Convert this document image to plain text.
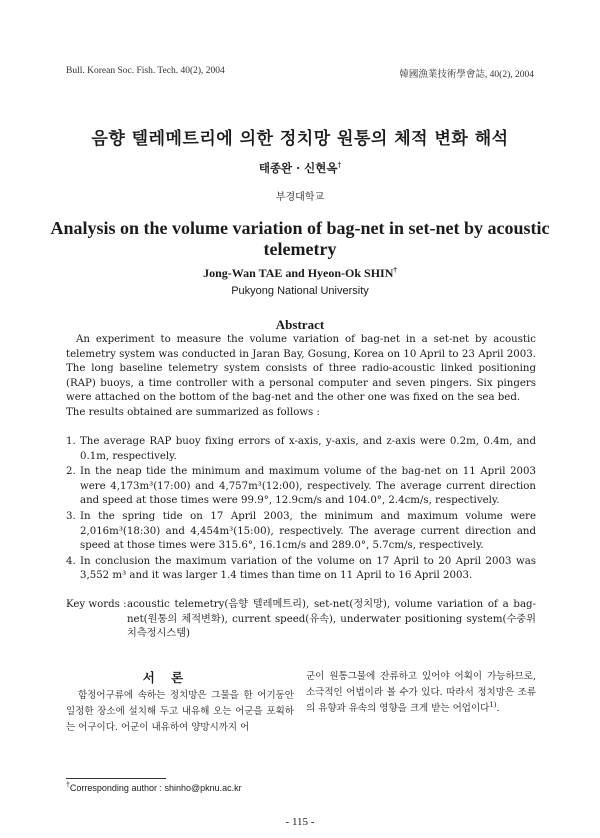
Bull. Korean Soc. Fish. Tech. 40(2), 2004	韓國漁業技術學會誌, 40(2), 2004
음향 텔레메트리에 의한 정치망 원통의 체적 변화 해석
태종완 · 신현옥†
부경대학교
Analysis on the volume variation of bag-net in set-net by acoustic telemetry
Jong-Wan TAE and Hyeon-Ok SHIN†
Pukyong National University
Abstract

An experiment to measure the volume variation of bag-net in a set-net by acoustic telemetry system was conducted in Jaran Bay, Gosung, Korea on 10 April to 23 April 2003. The long baseline telemetry system consists of three radio-acoustic linked positioning (RAP) buoys, a time controller with a personal computer and seven pingers. Six pingers were attached on the bottom of the bag-net and the other one was fixed on the sea bed.

The results obtained are summarized as follows :

1. The average RAP buoy fixing errors of x-axis, y-axis, and z-axis were 0.2m, 0.4m, and 0.1m, respectively.
2. In the neap tide the minimum and maximum volume of the bag-net on 11 April 2003 were 4,173m³(17:00) and 4,757m³(12:00), respectively. The average current direction and speed at those times were 99.9°, 12.9cm/s and 104.0°, 2.4cm/s, respectively.
3. In the spring tide on 17 April 2003, the minimum and maximum volume were 2,016m³(18:30) and 4,454m³(15:00), respectively. The average current direction and speed at those times were 315.6°, 16.1cm/s and 289.0°, 5.7cm/s, respectively.
4. In conclusion the maximum variation of the volume on 17 April to 20 April 2003 was 3,552 m³ and it was larger 1.4 times than time on 11 April to 16 April 2003.
Key words : acoustic telemetry(음향 텔레메트리), set-net(정치망), volume variation of a bag-net(원통의 체적변화), current speed(유속), underwater positioning system(수중위치측정시스템)
서 론
함정어구류에 속하는 정치망은 그물을 한 어기동안 일정한 장소에 설치해 두고 내유해 오는 어군을 포획하는 어구이다. 어군이 내유하여 양망시까지 어
군이 원통그물에 잔류하고 있어야 어획이 가능하므로, 소극적인 어법이라 볼 수가 있다. 따라서 정치망은 조류의 유향과 유속의 영향을 크게 받는 어업이다$^{1)}$.
†Corresponding author : shinho@pknu.ac.kr
- 115 -
